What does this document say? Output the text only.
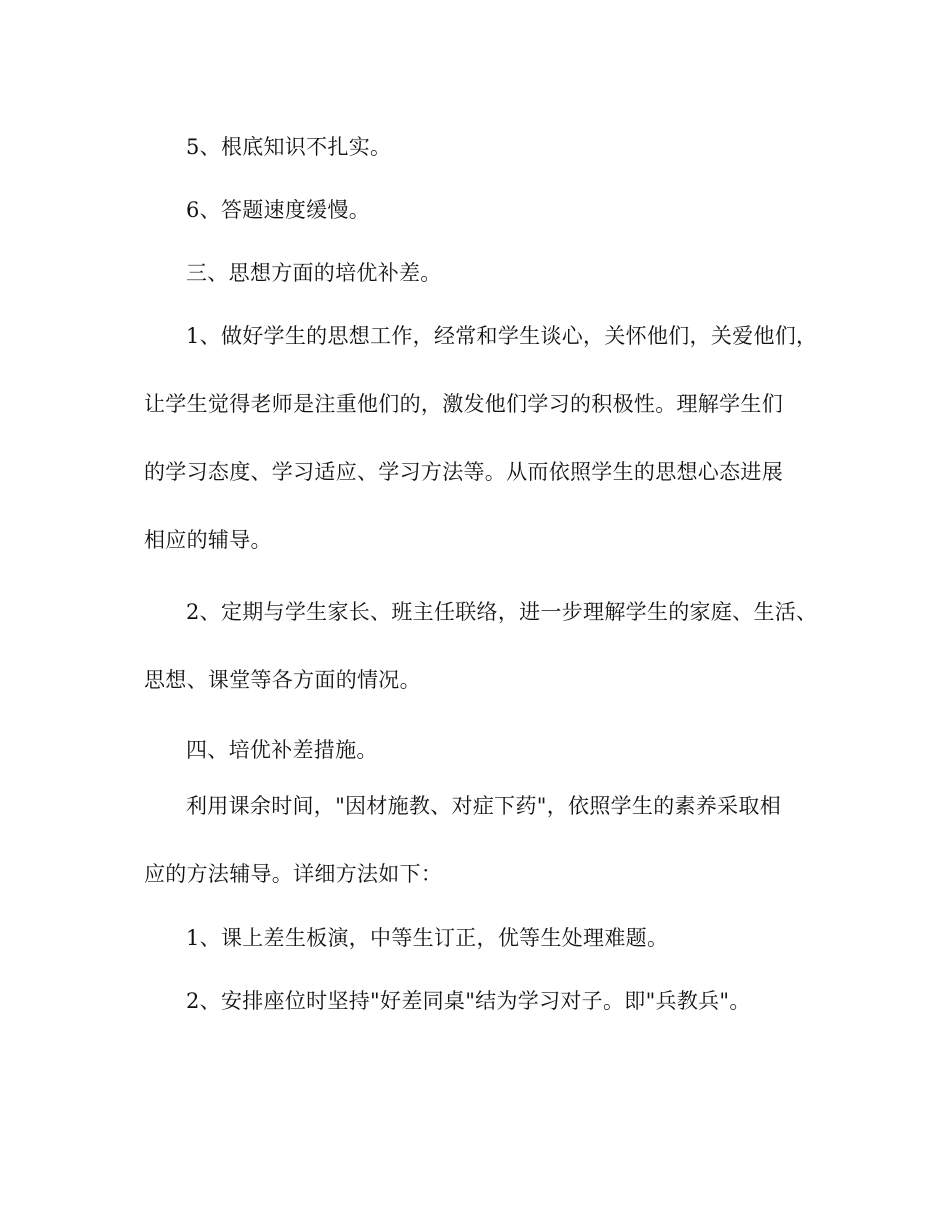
5、根底知识不扎实。

6、答题速度缓慢。

三、思想方面的培优补差。

1、做好学生的思想工作，经常和学生谈心，关怀他们，关爱他们，
让学生觉得老师是注重他们的，激发他们学习的积极性。理解学生们
的学习态度、学习适应、学习方法等。从而依照学生的思想心态进展
相应的辅导。

2、定期与学生家长、班主任联络，进一步理解学生的家庭、生活、
思想、课堂等各方面的情况。

四、培优补差措施。

利用课余时间，"因材施教、对症下药"，依照学生的素养采取相
应的方法辅导。详细方法如下：

1、课上差生板演，中等生订正，优等生处理难题。

2、安排座位时坚持"好差同桌"结为学习对子。即"兵教兵"。
